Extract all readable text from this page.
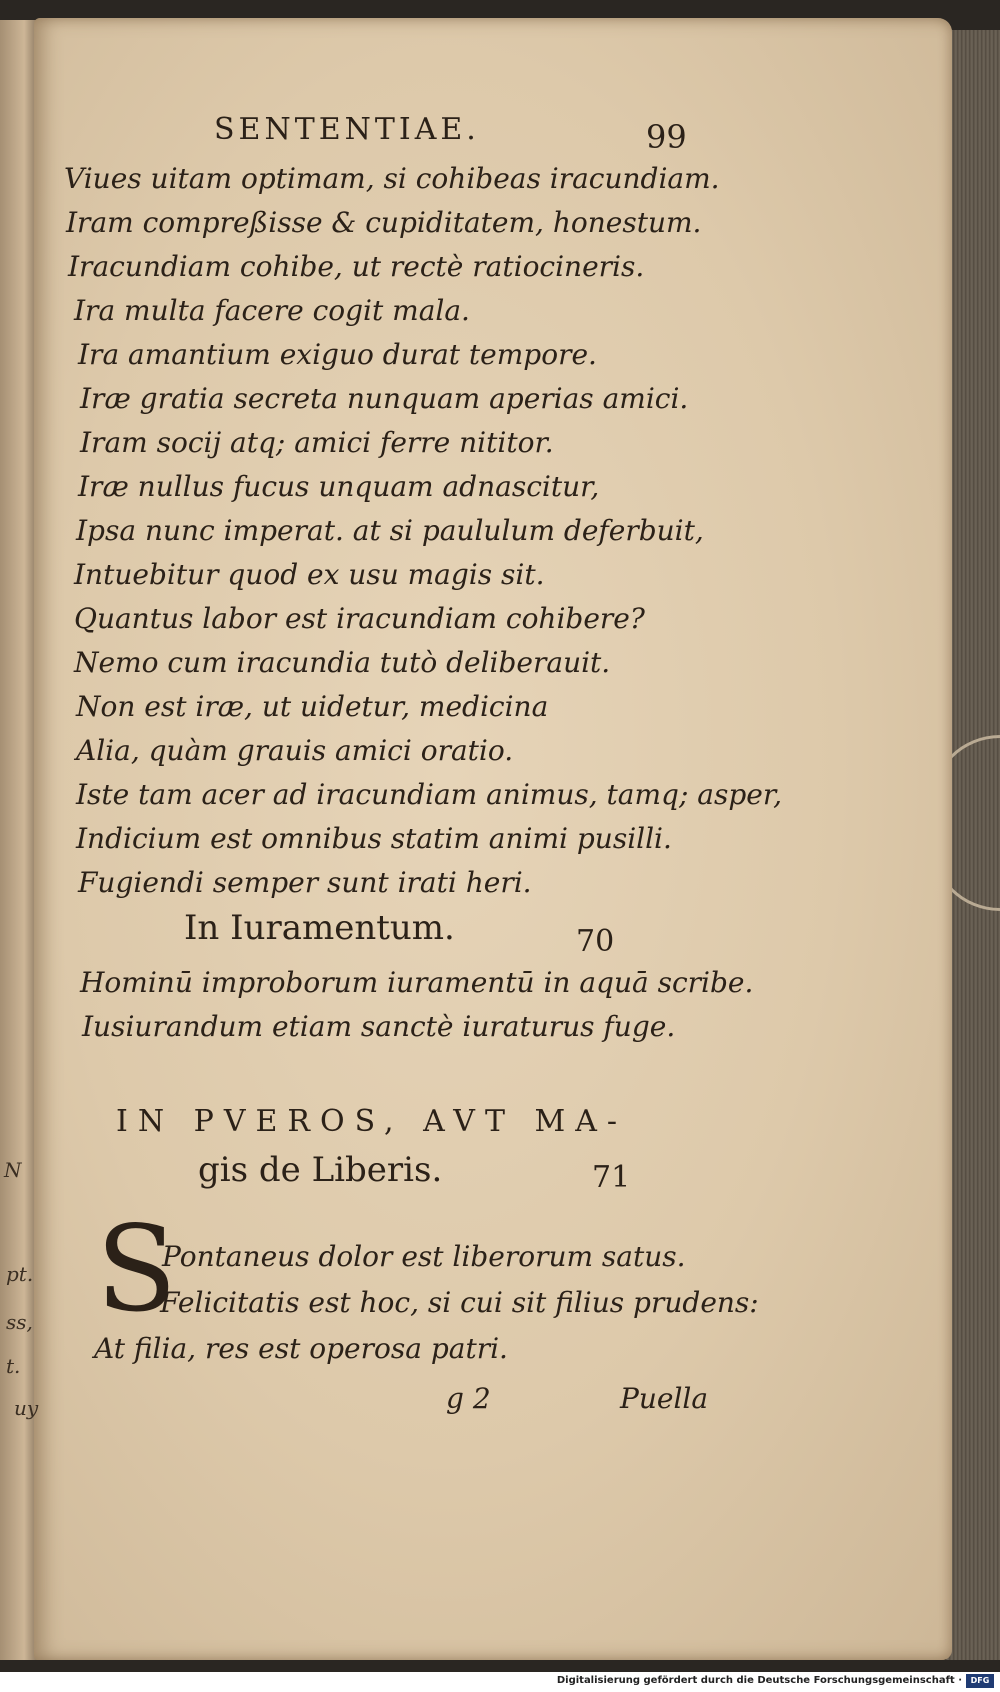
SENTENTIAE.	99
Viues uitam optimam, si cohibeas iracundiam.
Iram compreßisse & cupiditatem, honestum.
Iracundiam cohibe, ut rectè ratiocineris.
Ira multa facere cogit mala.
Ira amantium exiguo durat tempore.
Iræ gratia secreta nunquam aperias amici.
Iram socij atq; amici ferre nititor.
Iræ nullus fucus unquam adnascitur,
Ipsa nunc imperat. at si paululum deferbuit,
Intuebitur quod ex usu magis sit.
Quantus labor est iracundiam cohibere?
Nemo cum iracundia tutò deliberauit.
Non est iræ, ut uidetur, medicina
Alia, quàm grauis amici oratio.
Iste tam acer ad iracundiam animus, tamq; asper,
Indicium est omnibus statim animi pusilli.
Fugiendi semper sunt irati heri.
In Iuramentum.	70
Hominū improborum iuramentū in aquā scribe.
Iusiurandum etiam sanctè iuraturus fuge.
IN PVEROS, AVT MA-
gis de Liberis.	71
S
Pontaneus dolor est liberorum satus.
Felicitatis est hoc, si cui sit filius prudens:
At filia, res est operosa patri.
g 2	Puella
N
pt.
ss,
t.
uy
Digitalisierung gefördert durch die Deutsche Forschungsgemeinschaft ·	DFG
